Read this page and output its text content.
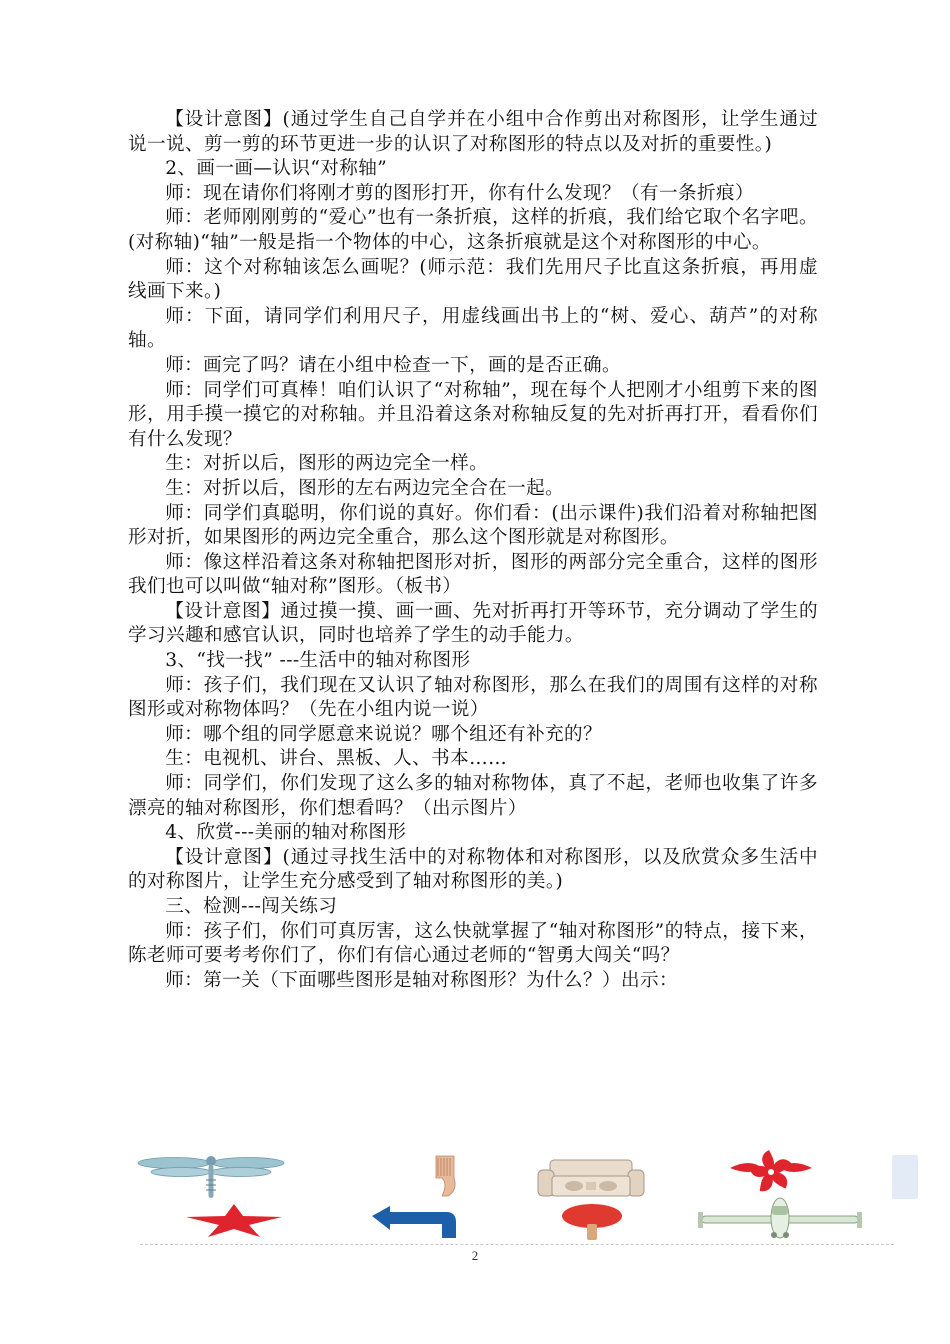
【设计意图】(通过学生自己自学并在小组中合作剪出对称图形，让学生通过说一说、剪一剪的环节更进一步的认识了对称图形的特点以及对折的重要性。)

2、画一画—认识“对称轴”

师：现在请你们将刚才剪的图形打开，你有什么发现？（有一条折痕）

师：老师刚刚剪的“爱心”也有一条折痕，这样的折痕，我们给它取个名字吧。(对称轴)“轴”一般是指一个物体的中心，这条折痕就是这个对称图形的中心。

师：这个对称轴该怎么画呢？(师示范：我们先用尺子比直这条折痕，再用虚线画下来。)

师：下面，请同学们利用尺子，用虚线画出书上的“树、爱心、葫芦”的对称轴。

师：画完了吗？请在小组中检查一下，画的是否正确。

师：同学们可真棒！咱们认识了“对称轴”，现在每个人把刚才小组剪下来的图形，用手摸一摸它的对称轴。并且沿着这条对称轴反复的先对折再打开，看看你们有什么发现？

生：对折以后，图形的两边完全一样。

生：对折以后，图形的左右两边完全合在一起。

师：同学们真聪明，你们说的真好。你们看：(出示课件)我们沿着对称轴把图形对折，如果图形的两边完全重合，那么这个图形就是对称图形。

师：像这样沿着这条对称轴把图形对折，图形的两部分完全重合，这样的图形我们也可以叫做“轴对称”图形。（板书）

【设计意图】通过摸一摸、画一画、先对折再打开等环节，充分调动了学生的学习兴趣和感官认识，同时也培养了学生的动手能力。

3、“找一找” ---生活中的轴对称图形

师：孩子们，我们现在又认识了轴对称图形，那么在我们的周围有这样的对称图形或对称物体吗？（先在小组内说一说）

师：哪个组的同学愿意来说说？哪个组还有补充的？

生：电视机、讲台、黑板、人、书本……

师：同学们，你们发现了这么多的轴对称物体，真了不起，老师也收集了许多漂亮的轴对称图形，你们想看吗？（出示图片）

4、欣赏---美丽的轴对称图形

【设计意图】(通过寻找生活中的对称物体和对称图形，以及欣赏众多生活中的对称图片，让学生充分感受到了轴对称图形的美。)

三、检测---闯关练习

师：孩子们，你们可真厉害，这么快就掌握了“轴对称图形”的特点，接下来，陈老师可要考考你们了，你们有信心通过老师的“智勇大闯关“吗？

师：第一关（下面哪些图形是轴对称图形？为什么？）出示：

2
